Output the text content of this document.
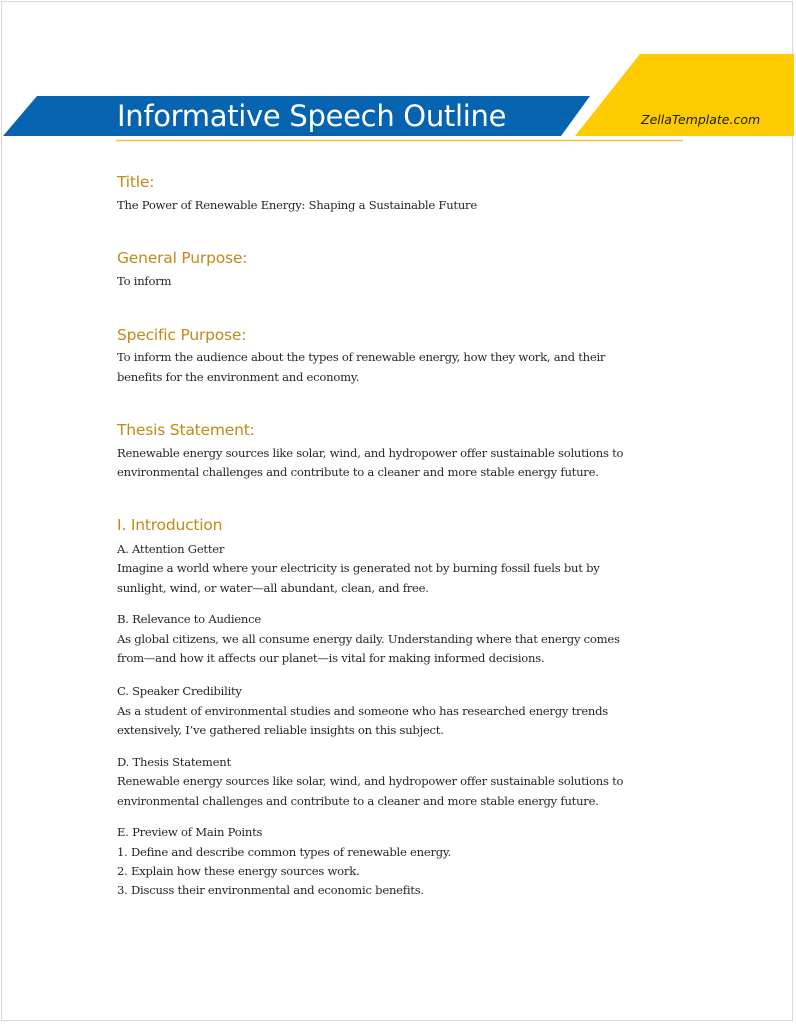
Informative Speech Outline	ZellaTemplate.com
Title:
The Power of Renewable Energy: Shaping a Sustainable Future
General Purpose:
To inform
Specific Purpose:
To inform the audience about the types of renewable energy, how they work, and their
benefits for the environment and economy.
Thesis Statement:
Renewable energy sources like solar, wind, and hydropower offer sustainable solutions to
environmental challenges and contribute to a cleaner and more stable energy future.
I. Introduction
A. Attention Getter
Imagine a world where your electricity is generated not by burning fossil fuels but by
sunlight, wind, or water—all abundant, clean, and free.
B. Relevance to Audience
As global citizens, we all consume energy daily. Understanding where that energy comes
from—and how it affects our planet—is vital for making informed decisions.
C. Speaker Credibility
As a student of environmental studies and someone who has researched energy trends
extensively, I’ve gathered reliable insights on this subject.
D. Thesis Statement
Renewable energy sources like solar, wind, and hydropower offer sustainable solutions to
environmental challenges and contribute to a cleaner and more stable energy future.
E. Preview of Main Points
1. Define and describe common types of renewable energy.
2. Explain how these energy sources work.
3. Discuss their environmental and economic benefits.
